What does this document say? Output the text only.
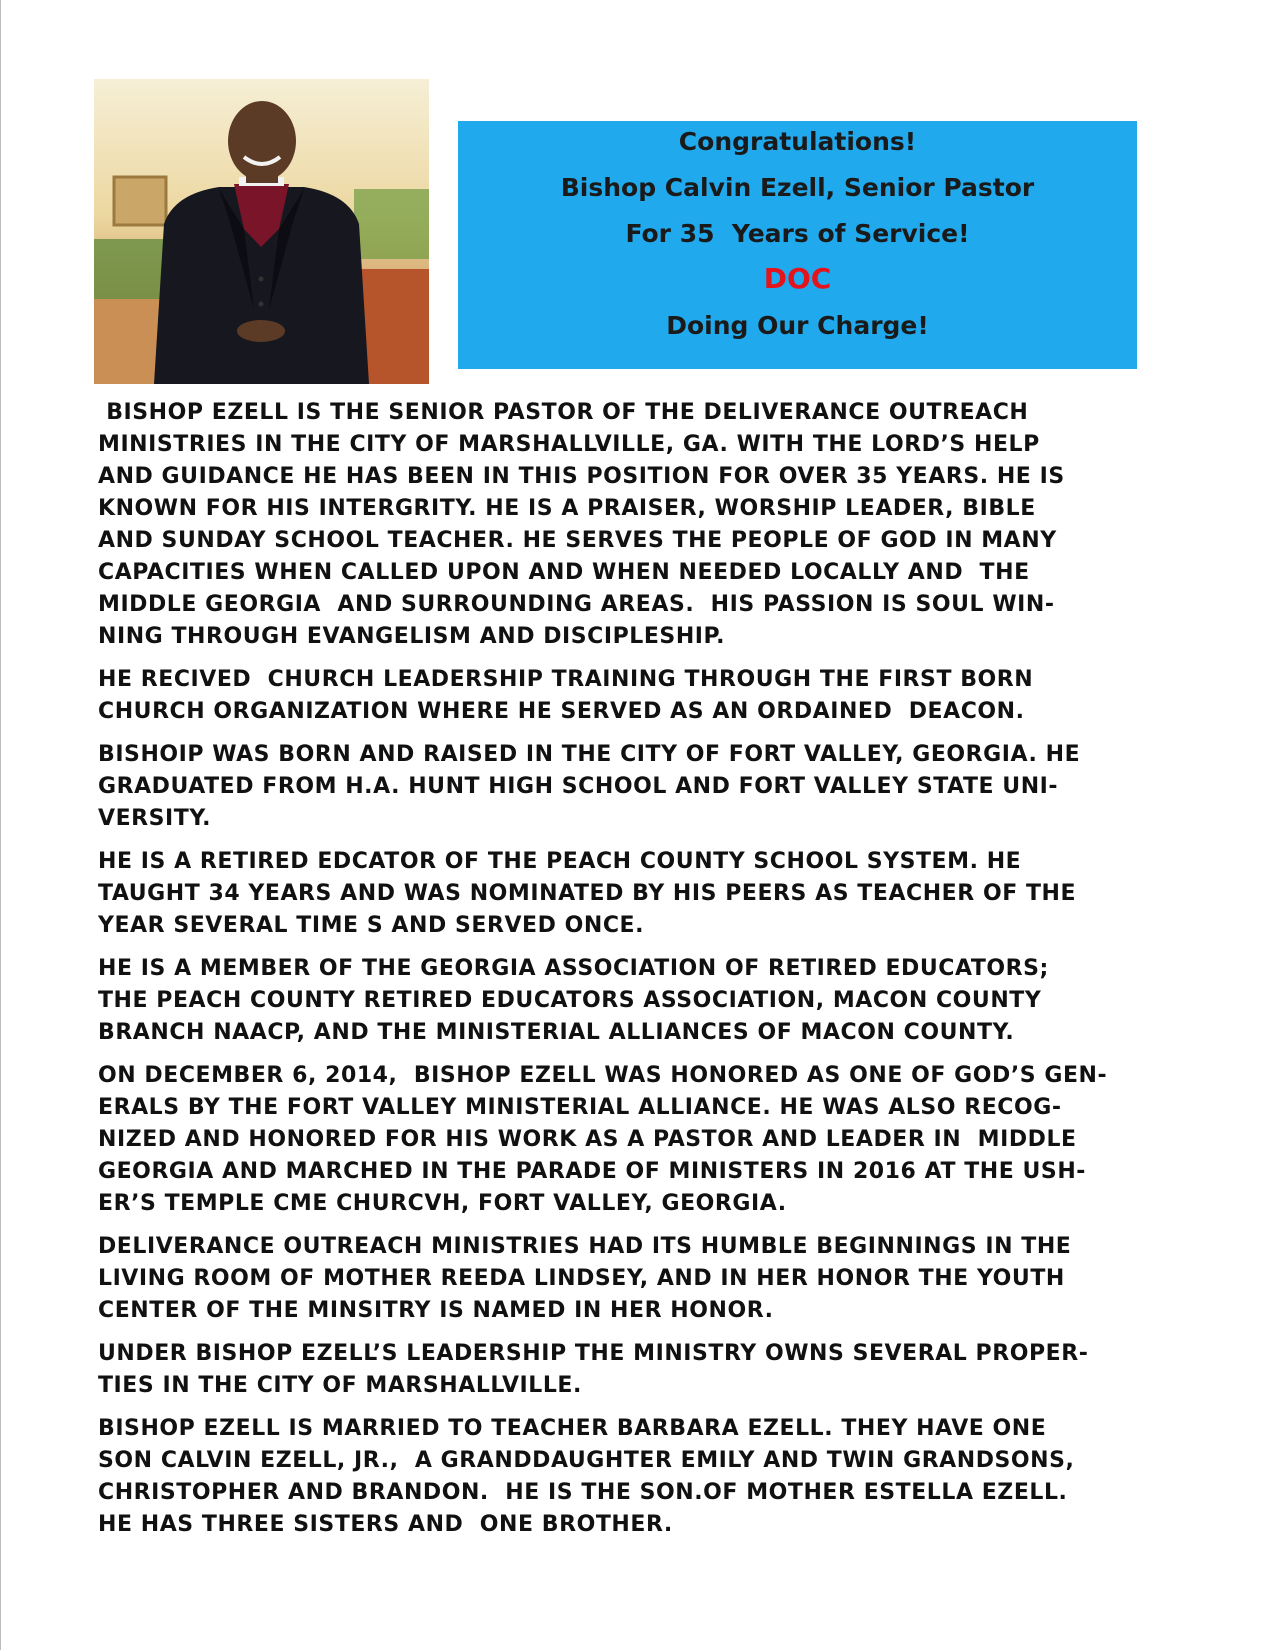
Congratulations!
Bishop Calvin Ezell, Senior Pastor
For 35  Years of Service!
DOC
Doing Our Charge!

BISHOP EZELL IS THE SENIOR PASTOR OF THE DELIVERANCE OUTREACH
MINISTRIES IN THE CITY OF MARSHALLVILLE, GA. WITH THE LORD’S HELP
AND GUIDANCE HE HAS BEEN IN THIS POSITION FOR OVER 35 YEARS. HE IS
KNOWN FOR HIS INTERGRITY. HE IS A PRAISER, WORSHIP LEADER, BIBLE
AND SUNDAY SCHOOL TEACHER. HE SERVES THE PEOPLE OF GOD IN MANY
CAPACITIES WHEN CALLED UPON AND WHEN NEEDED LOCALLY AND  THE
MIDDLE GEORGIA  AND SURROUNDING AREAS.  HIS PASSION IS SOUL WIN-
NING THROUGH EVANGELISM AND DISCIPLESHIP.

HE RECIVED  CHURCH LEADERSHIP TRAINING THROUGH THE FIRST BORN
CHURCH ORGANIZATION WHERE HE SERVED AS AN ORDAINED  DEACON.

BISHOIP WAS BORN AND RAISED IN THE CITY OF FORT VALLEY, GEORGIA. HE
GRADUATED FROM H.A. HUNT HIGH SCHOOL AND FORT VALLEY STATE UNI-
VERSITY.

HE IS A RETIRED EDCATOR OF THE PEACH COUNTY SCHOOL SYSTEM. HE
TAUGHT 34 YEARS AND WAS NOMINATED BY HIS PEERS AS TEACHER OF THE
YEAR SEVERAL TIME S AND SERVED ONCE.

HE IS A MEMBER OF THE GEORGIA ASSOCIATION OF RETIRED EDUCATORS;
THE PEACH COUNTY RETIRED EDUCATORS ASSOCIATION, MACON COUNTY
BRANCH NAACP, AND THE MINISTERIAL ALLIANCES OF MACON COUNTY.

ON DECEMBER 6, 2014,  BISHOP EZELL WAS HONORED AS ONE OF GOD’S GEN-
ERALS BY THE FORT VALLEY MINISTERIAL ALLIANCE. HE WAS ALSO RECOG-
NIZED AND HONORED FOR HIS WORK AS A PASTOR AND LEADER IN  MIDDLE
GEORGIA AND MARCHED IN THE PARADE OF MINISTERS IN 2016 AT THE USH-
ER’S TEMPLE CME CHURCVH, FORT VALLEY, GEORGIA.

DELIVERANCE OUTREACH MINISTRIES HAD ITS HUMBLE BEGINNINGS IN THE
LIVING ROOM OF MOTHER REEDA LINDSEY, AND IN HER HONOR THE YOUTH
CENTER OF THE MINSITRY IS NAMED IN HER HONOR.

UNDER BISHOP EZELL’S LEADERSHIP THE MINISTRY OWNS SEVERAL PROPER-
TIES IN THE CITY OF MARSHALLVILLE.

BISHOP EZELL IS MARRIED TO TEACHER BARBARA EZELL. THEY HAVE ONE
SON CALVIN EZELL, JR.,  A GRANDDAUGHTER EMILY AND TWIN GRANDSONS,
CHRISTOPHER AND BRANDON.  HE IS THE SON.OF MOTHER ESTELLA EZELL.
HE HAS THREE SISTERS AND  ONE BROTHER.
